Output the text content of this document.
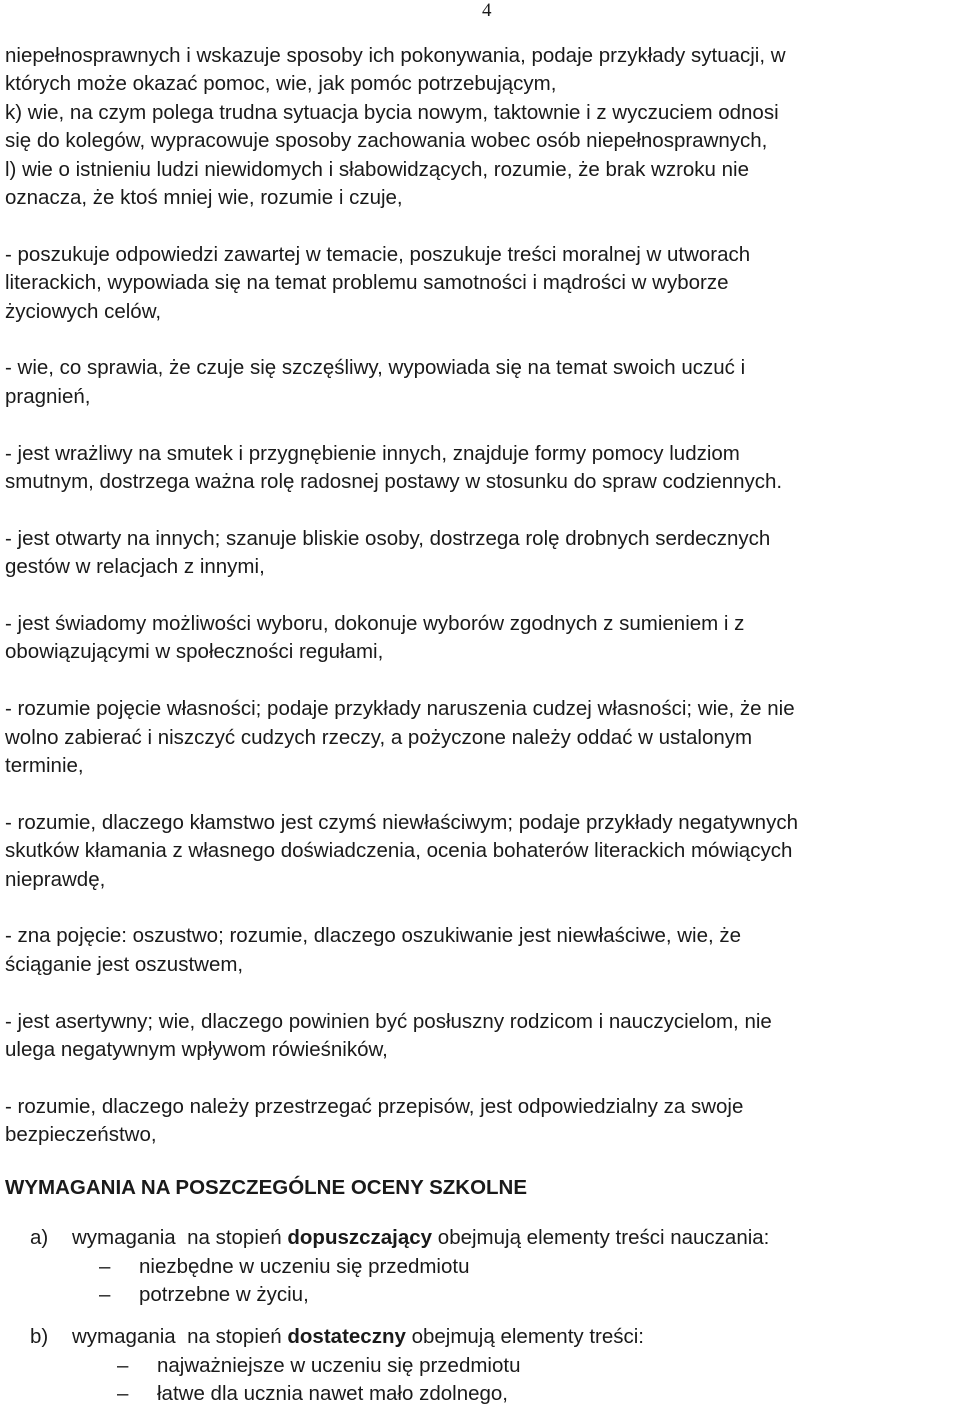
4
niepełnosprawnych i wskazuje sposoby ich pokonywania, podaje przykłady sytuacji, w
których może okazać pomoc, wie, jak pomóc potrzebującym,
k) wie, na czym polega trudna sytuacja bycia nowym, taktownie i z wyczuciem odnosi
się do kolegów, wypracowuje sposoby zachowania wobec osób niepełnosprawnych,
l) wie o istnieniu ludzi niewidomych i słabowidzących, rozumie, że brak wzroku nie
oznacza, że ktoś mniej wie, rozumie i czuje,
- poszukuje odpowiedzi zawartej w temacie, poszukuje treści moralnej w utworach
literackich, wypowiada się na temat problemu samotności i mądrości w wyborze
życiowych celów,
- wie, co sprawia, że czuje się szczęśliwy, wypowiada się na temat swoich uczuć i
pragnień,
- jest wrażliwy na smutek i przygnębienie innych, znajduje formy pomocy ludziom
smutnym, dostrzega ważna rolę radosnej postawy w stosunku do spraw codziennych.
- jest otwarty na innych; szanuje bliskie osoby, dostrzega rolę drobnych serdecznych
gestów w relacjach z innymi,
- jest świadomy możliwości wyboru, dokonuje wyborów zgodnych z sumieniem i z
obowiązującymi w społeczności regułami,
- rozumie pojęcie własności; podaje przykłady naruszenia cudzej własności; wie, że nie
wolno zabierać i niszczyć cudzych rzeczy, a pożyczone należy oddać w ustalonym
terminie,
- rozumie, dlaczego kłamstwo jest czymś niewłaściwym; podaje przykłady negatywnych
skutków kłamania z własnego doświadczenia, ocenia bohaterów literackich mówiących
nieprawdę,
- zna pojęcie: oszustwo; rozumie, dlaczego oszukiwanie jest niewłaściwe, wie, że
ściąganie jest oszustwem,
- jest asertywny; wie, dlaczego powinien być posłuszny rodzicom i nauczycielom, nie
ulega negatywnym wpływom rówieśników,
- rozumie, dlaczego należy przestrzegać przepisów, jest odpowiedzialny za swoje
bezpieczeństwo,
WYMAGANIA NA POSZCZEGÓLNE OCENY SZKOLNE
a)	wymagania  na stopień dopuszczający obejmują elementy treści nauczania:
–	niezbędne w uczeniu się przedmiotu
–	potrzebne w życiu,
b)	wymagania  na stopień dostateczny obejmują elementy treści:
–	najważniejsze w uczeniu się przedmiotu
–	łatwe dla ucznia nawet mało zdolnego,
